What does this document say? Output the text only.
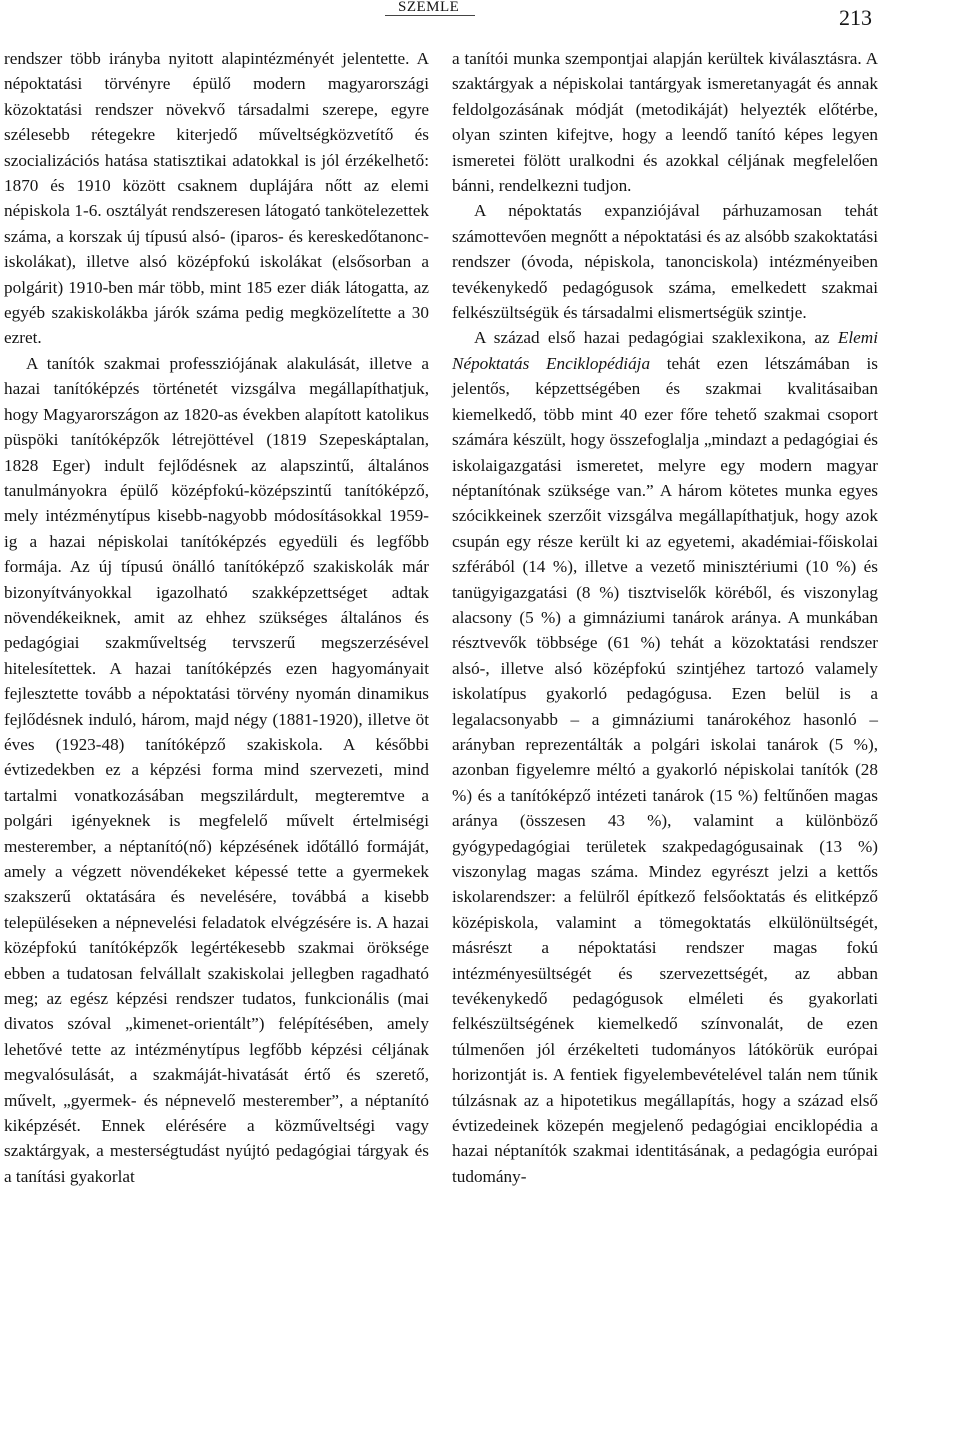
SZEMLE	213

rendszer több irányba nyitott alapintézményét jelentette. A népoktatási törvényre épülő modern magyarországi közoktatási rendszer növekvő társadalmi szerepe, egyre szélesebb rétegekre kiterjedő műveltségközvetítő és szocializációs hatása statisztikai adatokkal is jól érzékelhető: 1870 és 1910 között csaknem duplájára nőtt az elemi népiskola 1-6. osztályát rendszeresen látogató tankötelezettek száma, a korszak új típusú alsó- (iparos- és kereskedőtanonc- iskolákat), illetve alsó középfokú iskolákat (elsősorban a polgárit) 1910-ben már több, mint 185 ezer diák látogatta, az egyéb szakiskolákba járók száma pedig megközelítette a 30 ezret.

A tanítók szakmai professziójának alakulását, illetve a hazai tanítóképzés történetét vizsgálva megállapíthatjuk, hogy Magyarországon az 1820-as években alapított katolikus püspöki tanítóképzők létrejöttével (1819 Szepeskáptalan, 1828 Eger) indult fejlődésnek az alapszintű, általános tanulmányokra épülő középfokú-középszintű tanítóképző, mely intézménytípus kisebb-nagyobb módosításokkal 1959-ig a hazai népiskolai tanítóképzés egyedüli és legfőbb formája. Az új típusú önálló tanítóképző szakiskolák már bizonyítványokkal igazolható szakképzettséget adtak növendékeiknek, amit az ehhez szükséges általános és pedagógiai szakműveltség tervszerű megszerzésével hitelesítettek. A hazai tanítóképzés ezen hagyományait fejlesztette tovább a népoktatási törvény nyomán dinamikus fejlődésnek induló, három, majd négy (1881-1920), illetve öt éves (1923-48) tanítóképző szakiskola. A későbbi évtizedekben ez a képzési forma mind szervezeti, mind tartalmi vonatkozásában megszilárdult, megteremtve a polgári igényeknek is megfelelő művelt értelmiségi mesterember, a néptanító(nő) képzésének időtálló formáját, amely a végzett növendékeket képessé tette a gyermekek szakszerű oktatására és nevelésére, továbbá a kisebb településeken a népnevelési feladatok elvégzésére is. A hazai középfokú tanítóképzők legértékesebb szakmai öröksége ebben a tudatosan felvállalt szakiskolai jellegben ragadható meg; az egész képzési rendszer tudatos, funkcionális (mai divatos szóval „kimenet-orientált”) felépítésében, amely lehetővé tette az intézménytípus legfőbb képzési céljának megvalósulását, a szakmáját-hivatását értő és szerető, művelt, „gyermek- és népnevelő mesterember”, a néptanító kiképzését. Ennek elérésére a közműveltségi vagy szaktárgyak, a mesterségtudást nyújtó pedagógiai tárgyak és a tanítási gyakorlat

a tanítói munka szempontjai alapján kerültek kiválasztásra. A szaktárgyak a népiskolai tantárgyak ismeretanyagát és annak feldolgozásának módját (metodikáját) helyezték előtérbe, olyan szinten kifejtve, hogy a leendő tanító képes legyen ismeretei fölött uralkodni és azokkal céljának megfelelően bánni, rendelkezni tudjon.

A népoktatás expanziójával párhuzamosan tehát számottevően megnőtt a népoktatási és az alsóbb szakoktatási rendszer (óvoda, népiskola, tanonciskola) intézményeiben tevékenykedő pedagógusok száma, emelkedett szakmai felkészültségük és társadalmi elismertségük szintje.

A század első hazai pedagógiai szaklexikona, az Elemi Népoktatás Enciklopédiája tehát ezen létszámában is jelentős, képzettségében és szakmai kvalitásaiban kiemelkedő, több mint 40 ezer főre tehető szakmai csoport számára készült, hogy összefoglalja „mindazt a pedagógiai és iskolaigazgatási ismeretet, melyre egy modern magyar néptanítónak szüksége van.” A három kötetes munka egyes szócikkeinek szerzőit vizsgálva megállapíthatjuk, hogy azok csupán egy része került ki az egyetemi, akadémiai-főiskolai szférából (14 %), illetve a vezető minisztériumi (10 %) és tanügyigazgatási (8 %) tisztviselők köréből, és viszonylag alacsony (5 %) a gimnáziumi tanárok aránya. A munkában résztvevők többsége (61 %) tehát a közoktatási rendszer alsó-, illetve alsó középfokú szintjéhez tartozó valamely iskolatípus gyakorló pedagógusa. Ezen belül is a legalacsonyabb – a gimnáziumi tanárokéhoz hasonló – arányban reprezentálták a polgári iskolai tanárok (5 %), azonban figyelemre méltó a gyakorló népiskolai tanítók (28 %) és a tanítóképző intézeti tanárok (15 %) feltűnően magas aránya (összesen 43 %), valamint a különböző gyógypedagógiai területek szakpedagógusainak (13 %) viszonylag magas száma. Mindez egyrészt jelzi a kettős iskolarendszer: a felülről építkező felsőoktatás és elitképző középiskola, valamint a tömegoktatás elkülönültségét, másrészt a népoktatási rendszer magas fokú intézményesültségét és szervezettségét, az abban tevékenykedő pedagógusok elméleti és gyakorlati felkészültségének kiemelkedő színvonalát, de ezen túlmenően jól érzékelteti tudományos látókörük európai horizontját is. A fentiek figyelembevételével talán nem tűnik túlzásnak az a hipotetikus megállapítás, hogy a század első évtizedeinek közepén megjelenő pedagógiai enciklopédia a hazai néptanítók szakmai identitásának, a pedagógia európai tudomány-
